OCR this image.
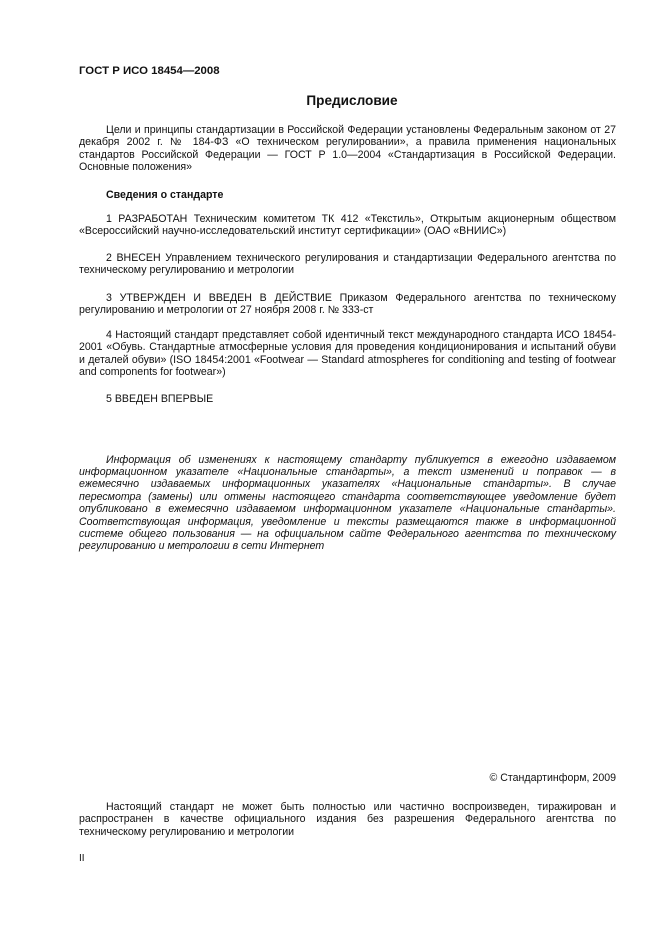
ГОСТ Р ИСО 18454—2008
Предисловие

Цели и принципы стандартизации в Российской Федерации установлены Федеральным законом от 27 декабря 2002 г. № 184-ФЗ «О техническом регулировании», а правила применения национальных стандартов Российской Федерации — ГОСТ Р 1.0—2004 «Стандартизация в Российской Федерации. Основные положения»

Сведения о стандарте

1 РАЗРАБОТАН Техническим комитетом ТК 412 «Текстиль», Открытым акционерным обществом «Всероссийский научно-исследовательский институт сертификации» (ОАО «ВНИИС»)

2 ВНЕСЕН Управлением технического регулирования и стандартизации Федерального агентства по техническому регулированию и метрологии

3 УТВЕРЖДЕН И ВВЕДЕН В ДЕЙСТВИЕ Приказом Федерального агентства по техническому регулированию и метрологии от 27 ноября 2008 г. № 333-ст

4 Настоящий стандарт представляет собой идентичный текст международного стандарта ИСО 18454-2001 «Обувь. Стандартные атмосферные условия для проведения кондиционирования и испытаний обуви и деталей обуви» (ISO 18454:2001 «Footwear — Standard atmospheres for conditioning and testing of footwear and components for footwear»)

5 ВВЕДЕН ВПЕРВЫЕ

Информация об изменениях к настоящему стандарту публикуется в ежегодно издаваемом информационном указателе «Национальные стандарты», а текст изменений и поправок — в ежемесячно издаваемых информационных указателях «Национальные стандарты». В случае пересмотра (замены) или отмены настоящего стандарта соответствующее уведомление будет опубликовано в ежемесячно издаваемом информационном указателе «Национальные стандарты». Соответствующая информация, уведомление и тексты размещаются также в информационной системе общего пользования — на официальном сайте Федерального агентства по техническому регулированию и метрологии в сети Интернет

© Стандартинформ, 2009

Настоящий стандарт не может быть полностью или частично воспроизведен, тиражирован и распространен в качестве официального издания без разрешения Федерального агентства по техническому регулированию и метрологии

II
